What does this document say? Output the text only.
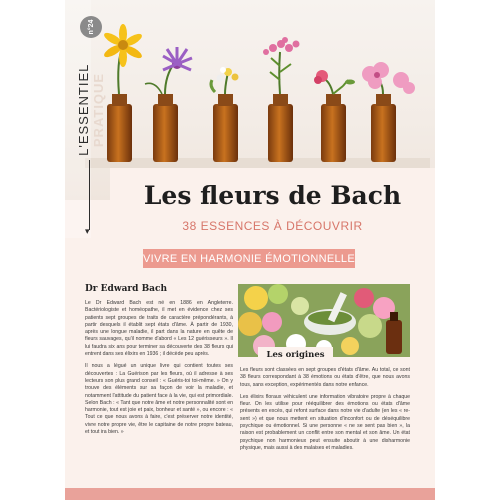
n°24
L'ESSENTIEL PRATIQUE
▾
Les fleurs de Bach
38 ESSENCES À DÉCOUVRIR
VIVRE EN HARMONIE ÉMOTIONNELLE

Dr Edward Bach

Le Dr Edward Bach est né en 1886 en Angleterre. Bactériologiste et homéopathe, il met en évidence chez ses patients sept groupes de traits de caractère prépondérants, à partir desquels il établit sept états d'âme. À partir de 1930, après une longue maladie, il part dans la nature en quête de fleurs sauvages, qu'il nomme d'abord « Les 12 guérisseurs ». Il lui faudra six ans pour terminer sa découverte des 38 fleurs qui entrent dans ses élixirs en 1936 ; il décède peu après.

Il nous a légué un unique livre qui contient toutes ses découvertes : La Guérison par les fleurs, où il adresse à ses lecteurs son plus grand conseil : « Guéris-toi toi-même. » On y trouve des éléments sur sa façon de voir la maladie, et notamment l'attitude du patient face à la vie, qui est primordiale. Selon Bach : « Tant que notre âme et notre personnalité sont en harmonie, tout est joie et paix, bonheur et santé », ou encore : « Tout ce que nous avons à faire, c'est préserver notre identité, vivre notre propre vie, être le capitaine de notre propre bateau, et tout ira bien. »

Les origines

Les fleurs sont classées en sept groupes d'états d'âme. Au total, ce sont 38 fleurs correspondant à 38 émotions ou états d'être, que nous avons tous, sans exception, expérimentés dans notre enfance.

Les élixirs floraux véhiculent une information vibratoire propre à chaque fleur. On les utilise pour rééquilibrer des émotions ou états d'âme présents en excès, qui refont surface dans notre vie d'adulte (en les « re-sent ») et que nous mettent en situation d'inconfort ou de déséquilibre psychique ou émotionnel. Si une personne « ne se sent pas bien », la raison est probablement un conflit entre son mental et son âme. Un état psychique non harmonieux peut ensuite aboutir à une disharmonie physique, mais aussi à des malaises et maladies.
